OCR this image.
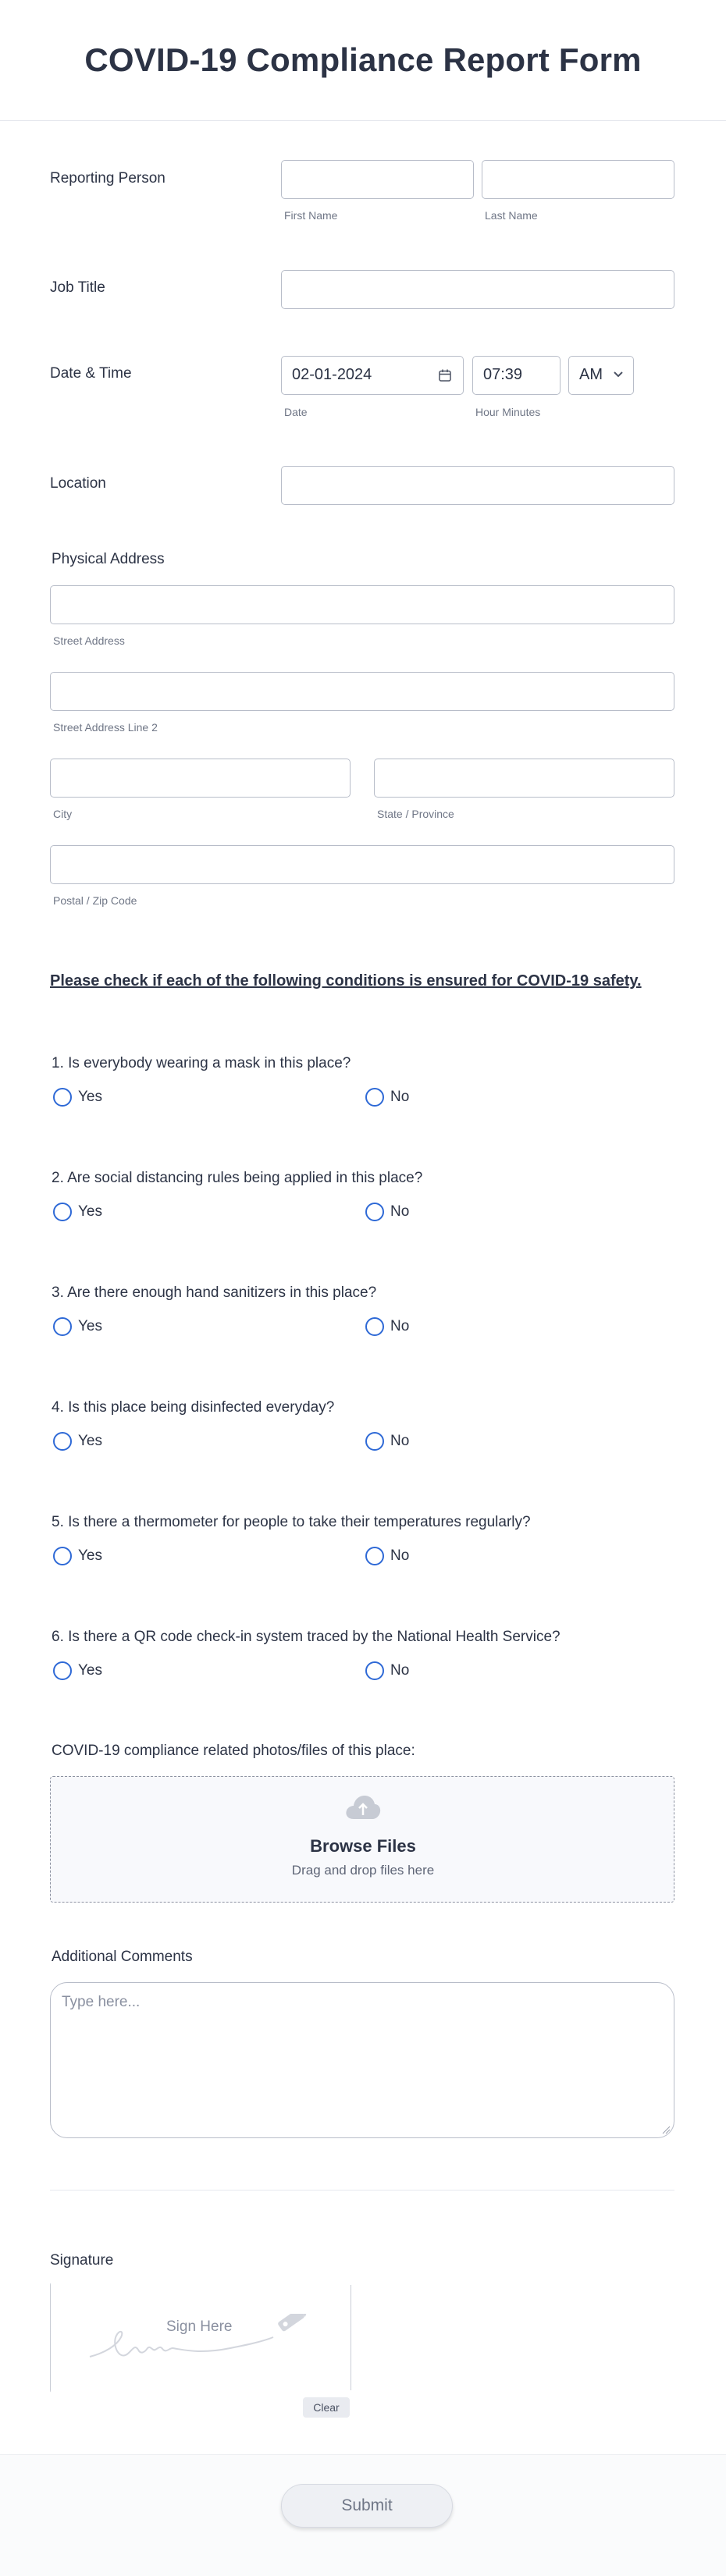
COVID-19 Compliance Report Form
Reporting Person
First Name	Last Name
Job Title
Date & Time	02-01-2024	07:39	AM
Date	Hour Minutes
Location
Physical Address
Street Address
Street Address Line 2
City	State / Province
Postal / Zip Code
Please check if each of the following conditions is ensured for COVID-19 safety.
1. Is everybody wearing a mask in this place?
Yes	No
2. Are social distancing rules being applied in this place?
Yes	No
3. Are there enough hand sanitizers in this place?
Yes	No
4. Is this place being disinfected everyday?
Yes	No
5. Is there a thermometer for people to take their temperatures regularly?
Yes	No
6. Is there a QR code check-in system traced by the National Health Service?
Yes	No
COVID-19 compliance related photos/files of this place:
Browse Files
Drag and drop files here
Additional Comments
Type here...
Signature
Sign Here
Clear
Submit
